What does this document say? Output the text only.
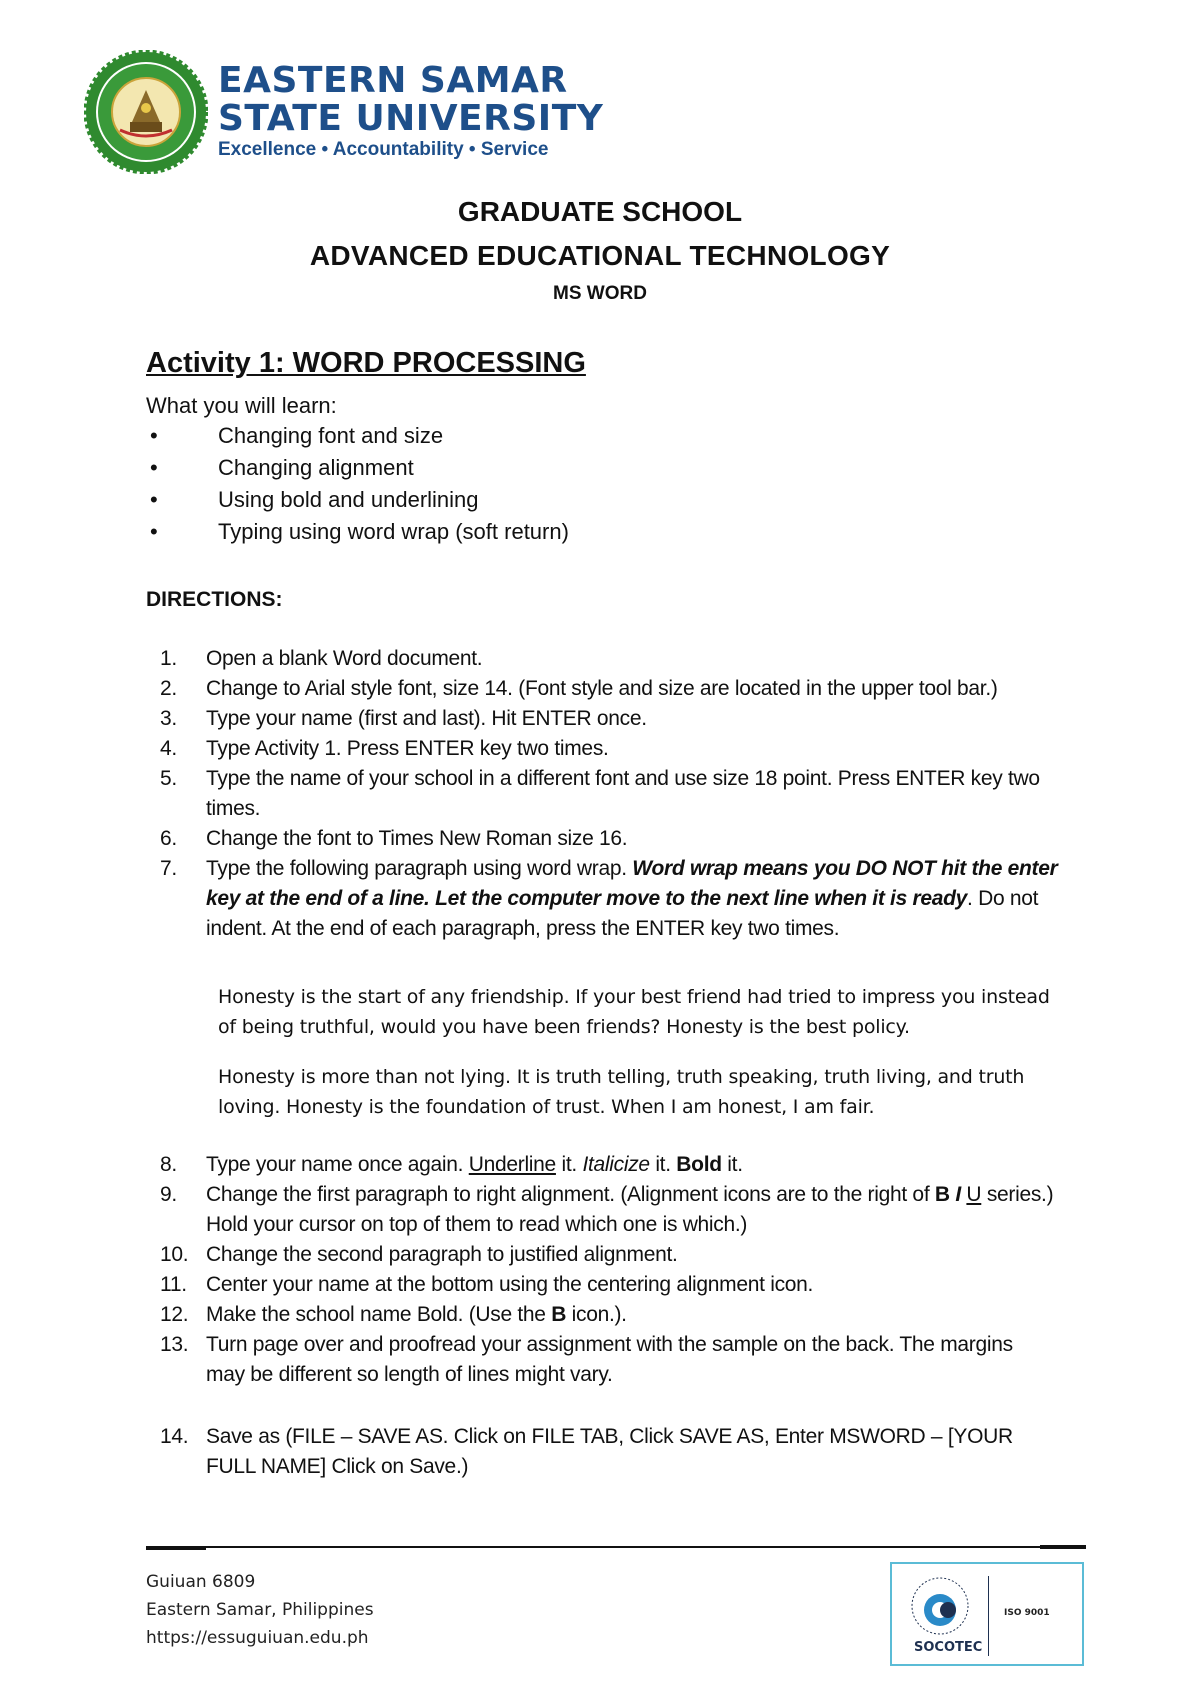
EASTERN SAMAR
STATE UNIVERSITY
Excellence • Accountability • Service
GRADUATE SCHOOL
ADVANCED EDUCATIONAL TECHNOLOGY
MS WORD
Activity 1: WORD PROCESSING
What you will learn:
•	Changing font and size
•	Changing alignment
•	Using bold and underlining
•	Typing using word wrap (soft return)
DIRECTIONS:
1. Open a blank Word document.
2. Change to Arial style font, size 14. (Font style and size are located in the upper tool bar.)
3. Type your name (first and last). Hit ENTER once.
4. Type Activity 1. Press ENTER key two times.
5. Type the name of your school in a different font and use size 18 point. Press ENTER key two times.
6. Change the font to Times New Roman size 16.
7. Type the following paragraph using word wrap. Word wrap means you DO NOT hit the enter key at the end of a line. Let the computer move to the next line when it is ready. Do not indent. At the end of each paragraph, press the ENTER key two times.
Honesty is the start of any friendship. If your best friend had tried to impress you instead of being truthful, would you have been friends? Honesty is the best policy.
Honesty is more than not lying. It is truth telling, truth speaking, truth living, and truth loving. Honesty is the foundation of trust. When I am honest, I am fair.
8. Type your name once again. Underline it. Italicize it. Bold it.
9. Change the first paragraph to right alignment. (Alignment icons are to the right of B I U series.) Hold your cursor on top of them to read which one is which.)
10. Change the second paragraph to justified alignment.
11. Center your name at the bottom using the centering alignment icon.
12. Make the school name Bold. (Use the B icon.).
13. Turn page over and proofread your assignment with the sample on the back. The margins may be different so length of lines might vary.
14. Save as (FILE – SAVE AS. Click on FILE TAB, Click SAVE AS, Enter MSWORD – [YOUR FULL NAME] Click on Save.)
Guiuan 6809
Eastern Samar, Philippines
https://essuguiuan.edu.ph	SOCOTEC
ISO 9001
